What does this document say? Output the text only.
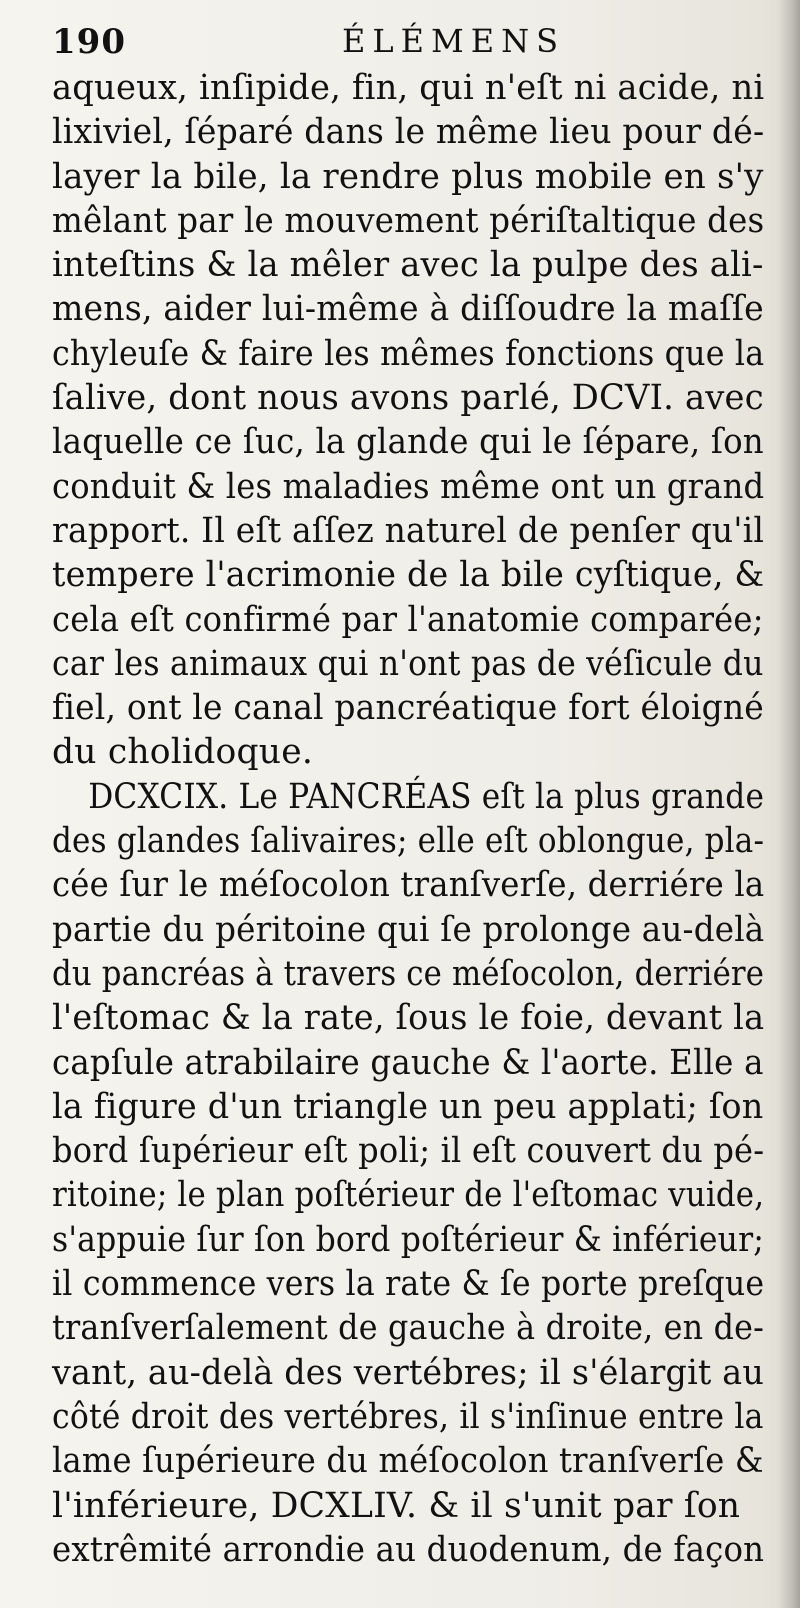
190	ÉLÉMENS
aqueux, inſipide, fin, qui n'eſt ni acide, ni
lixiviel, ſéparé dans le même lieu pour dé-
layer la bile, la rendre plus mobile en s'y
mêlant par le mouvement périſtaltique des
inteſtins & la mêler avec la pulpe des ali-
mens, aider lui-même à diſſoudre la maſſe
chyleuſe & faire les mêmes fonctions que la
ſalive, dont nous avons parlé, DCVI. avec
laquelle ce ſuc, la glande qui le ſépare, ſon
conduit & les maladies même ont un grand
rapport. Il eſt aſſez naturel de penſer qu'il
tempere l'acrimonie de la bile cyſtique, &
cela eſt confirmé par l'anatomie comparée;
car les animaux qui n'ont pas de véſicule du
fiel, ont le canal pancréatique fort éloigné
du cholidoque.
DCXCIX. Le PANCRÉAS eſt la plus grande
des glandes ſalivaires; elle eſt oblongue, pla-
cée ſur le méſocolon tranſverſe, derriére la
partie du péritoine qui ſe prolonge au-delà
du pancréas à travers ce méſocolon, derriére
l'eſtomac & la rate, ſous le foie, devant la
capſule atrabilaire gauche & l'aorte. Elle a
la figure d'un triangle un peu applati; ſon
bord ſupérieur eſt poli; il eſt couvert du pé-
ritoine; le plan poſtérieur de l'eſtomac vuide,
s'appuie ſur ſon bord poſtérieur & inférieur;
il commence vers la rate & ſe porte preſque
tranſverſalement de gauche à droite, en de-
vant, au-delà des vertébres; il s'élargit au
côté droit des vertébres, il s'inſinue entre la
lame ſupérieure du méſocolon tranſverſe &
l'inférieure, DCXLIV. & il s'unit par ſon
extrêmité arrondie au duodenum, de façon
